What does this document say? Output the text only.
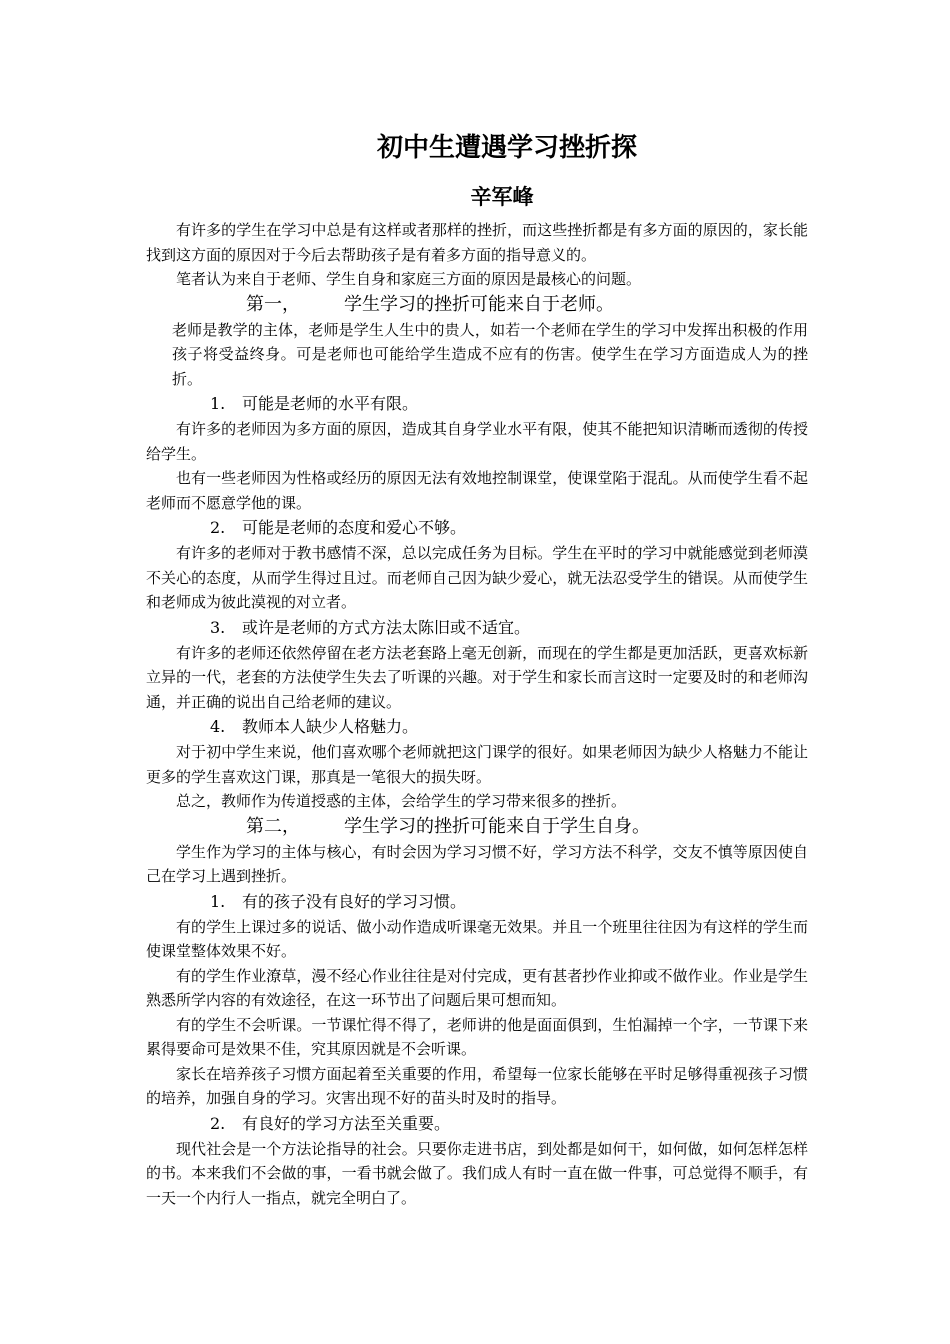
初中生遭遇学习挫折探
辛军峰

有许多的学生在学习中总是有这样或者那样的挫折，而这些挫折都是有多方面的原因的，家长能找到这方面的原因对于今后去帮助孩子是有着多方面的指导意义的。

笔者认为来自于老师、学生自身和家庭三方面的原因是最核心的问题。

第一， 学生学习的挫折可能来自于老师。

老师是教学的主体，老师是学生人生中的贵人，如若一个老师在学生的学习中发挥出积极的作用孩子将受益终身。可是老师也可能给学生造成不应有的伤害。使学生在学习方面造成人为的挫折。

1. 可能是老师的水平有限。

有许多的老师因为多方面的原因，造成其自身学业水平有限，使其不能把知识清晰而透彻的传授给学生。

也有一些老师因为性格或经历的原因无法有效地控制课堂，使课堂陷于混乱。从而使学生看不起老师而不愿意学他的课。

2. 可能是老师的态度和爱心不够。

有许多的老师对于教书感情不深，总以完成任务为目标。学生在平时的学习中就能感觉到老师漠不关心的态度，从而学生得过且过。而老师自己因为缺少爱心，就无法忍受学生的错误。从而使学生和老师成为彼此漠视的对立者。

3. 或许是老师的方式方法太陈旧或不适宜。

有许多的老师还依然停留在老方法老套路上毫无创新，而现在的学生都是更加活跃，更喜欢标新立异的一代，老套的方法使学生失去了听课的兴趣。对于学生和家长而言这时一定要及时的和老师沟通，并正确的说出自己给老师的建议。

4. 教师本人缺少人格魅力。

对于初中学生来说，他们喜欢哪个老师就把这门课学的很好。如果老师因为缺少人格魅力不能让更多的学生喜欢这门课，那真是一笔很大的损失呀。

总之，教师作为传道授惑的主体，会给学生的学习带来很多的挫折。

第二， 学生学习的挫折可能来自于学生自身。

学生作为学习的主体与核心，有时会因为学习习惯不好，学习方法不科学，交友不慎等原因使自己在学习上遇到挫折。

1. 有的孩子没有良好的学习习惯。

有的学生上课过多的说话、做小动作造成听课毫无效果。并且一个班里往往因为有这样的学生而使课堂整体效果不好。

有的学生作业潦草，漫不经心作业往往是对付完成，更有甚者抄作业抑或不做作业。作业是学生熟悉所学内容的有效途径，在这一环节出了问题后果可想而知。

有的学生不会听课。一节课忙得不得了，老师讲的他是面面俱到，生怕漏掉一个字，一节课下来累得要命可是效果不佳，究其原因就是不会听课。

家长在培养孩子习惯方面起着至关重要的作用，希望每一位家长能够在平时足够得重视孩子习惯的培养，加强自身的学习。灾害出现不好的苗头时及时的指导。

2. 有良好的学习方法至关重要。

现代社会是一个方法论指导的社会。只要你走进书店，到处都是如何干，如何做，如何怎样怎样的书。本来我们不会做的事，一看书就会做了。我们成人有时一直在做一件事，可总觉得不顺手，有一天一个内行人一指点，就完全明白了。
